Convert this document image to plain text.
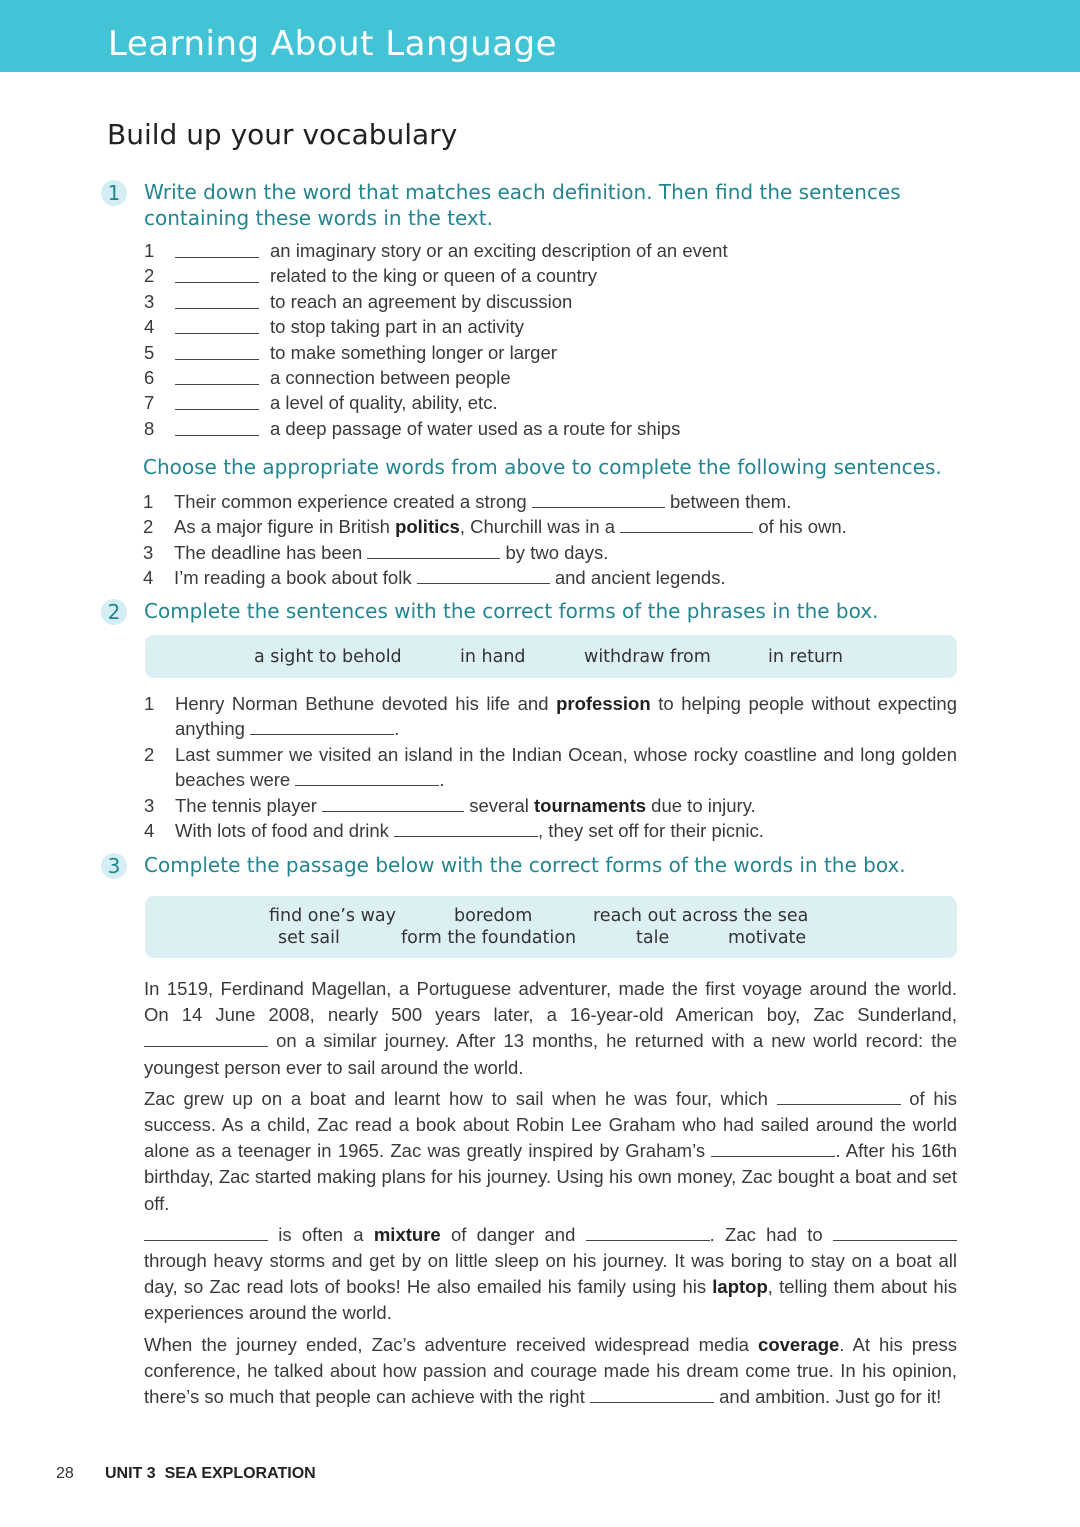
Learning About Language
Build up your vocabulary
1	Write down the word that matches each definition. Then find the sentences containing these words in the text.
1	an imaginary story or an exciting description of an event
2	related to the king or queen of a country
3	to reach an agreement by discussion
4	to stop taking part in an activity
5	to make something longer or larger
6	a connection between people
7	a level of quality, ability, etc.
8	a deep passage of water used as a route for ships
Choose the appropriate words from above to complete the following sentences.
1 Their common experience created a strong	between them.
2 As a major figure in British politics, Churchill was in a	of his own.
3 The deadline has been	by two days.
4 I’m reading a book about folk	and ancient legends.
2	Complete the sentences with the correct forms of the phrases in the box.
a sight to behold	in hand	withdraw from	in return
1 Henry Norman Bethune devoted his life and profession to helping people without expecting anything	.
2 Last summer we visited an island in the Indian Ocean, whose rocky coastline and long golden beaches were	.
3 The tennis player	several tournaments due to injury.
4 With lots of food and drink	, they set off for their picnic.
3	Complete the passage below with the correct forms of the words in the box.
find one’s way	boredom	reach out across the sea
set sail	form the foundation	tale	motivate

In 1519, Ferdinand Magellan, a Portuguese adventurer, made the first voyage around the world. On 14 June 2008, nearly 500 years later, a 16-year-old American boy, Zac Sunderland,  on a similar journey. After 13 months, he returned with a new world record: the youngest person ever to sail around the world.

Zac grew up on a boat and learnt how to sail when he was four, which	of his success. As a child, Zac read a book about Robin Lee Graham who had sailed around the world alone as a teenager in 1965. Zac was greatly inspired by Graham’s	. After his 16th birthday, Zac started making plans for his journey. Using his own money, Zac bought a boat and set off.

is often a mixture of danger and	. Zac had to  through heavy storms and get by on little sleep on his journey. It was boring to stay on a boat all day, so Zac read lots of books! He also emailed his family using his laptop, telling them about his experiences around the world.

When the journey ended, Zac’s adventure received widespread media coverage. At his press conference, he talked about how passion and courage made his dream come true. In his opinion, there’s so much that people can achieve with the right	and ambition. Just go for it!

28 UNIT 3  SEA EXPLORATION
